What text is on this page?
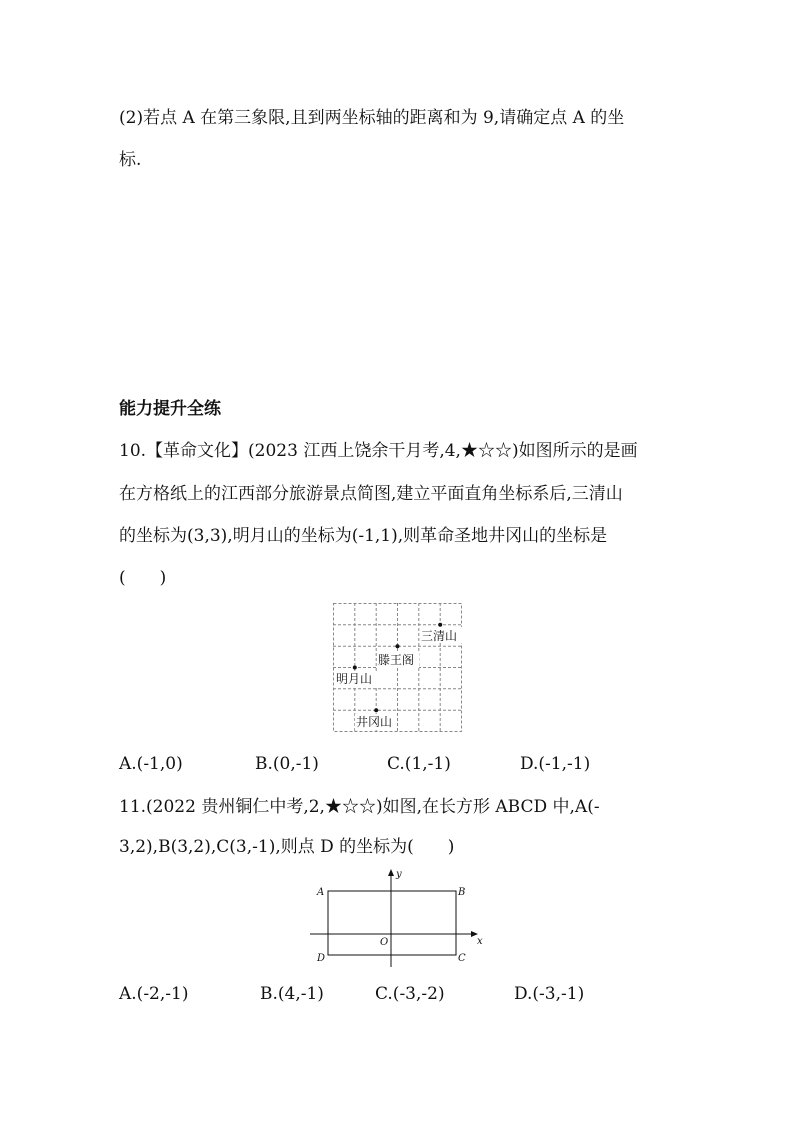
(2)若点 A 在第三象限,且到两坐标轴的距离和为 9,请确定点 A 的坐
标.
能力提升全练
10.【革命文化】(2023 江西上饶余干月考,4,★☆☆)如图所示的是画
在方格纸上的江西部分旅游景点简图,建立平面直角坐标系后,三清山
的坐标为(3,3),明月山的坐标为(-1,1),则革命圣地井冈山的坐标是
(　　)
三清山
滕王阁
明月山
井冈山
A.(-1,0)	B.(0,-1)	C.(1,-1)	D.(-1,-1)
11.(2022 贵州铜仁中考,2,★☆☆)如图,在长方形 ABCD 中,A(-
3,2),B(3,2),C(3,-1),则点 D 的坐标为(　　)
A	B
C
D
O	x
y
A.(-2,-1)	B.(4,-1)	C.(-3,-2)	D.(-3,-1)
